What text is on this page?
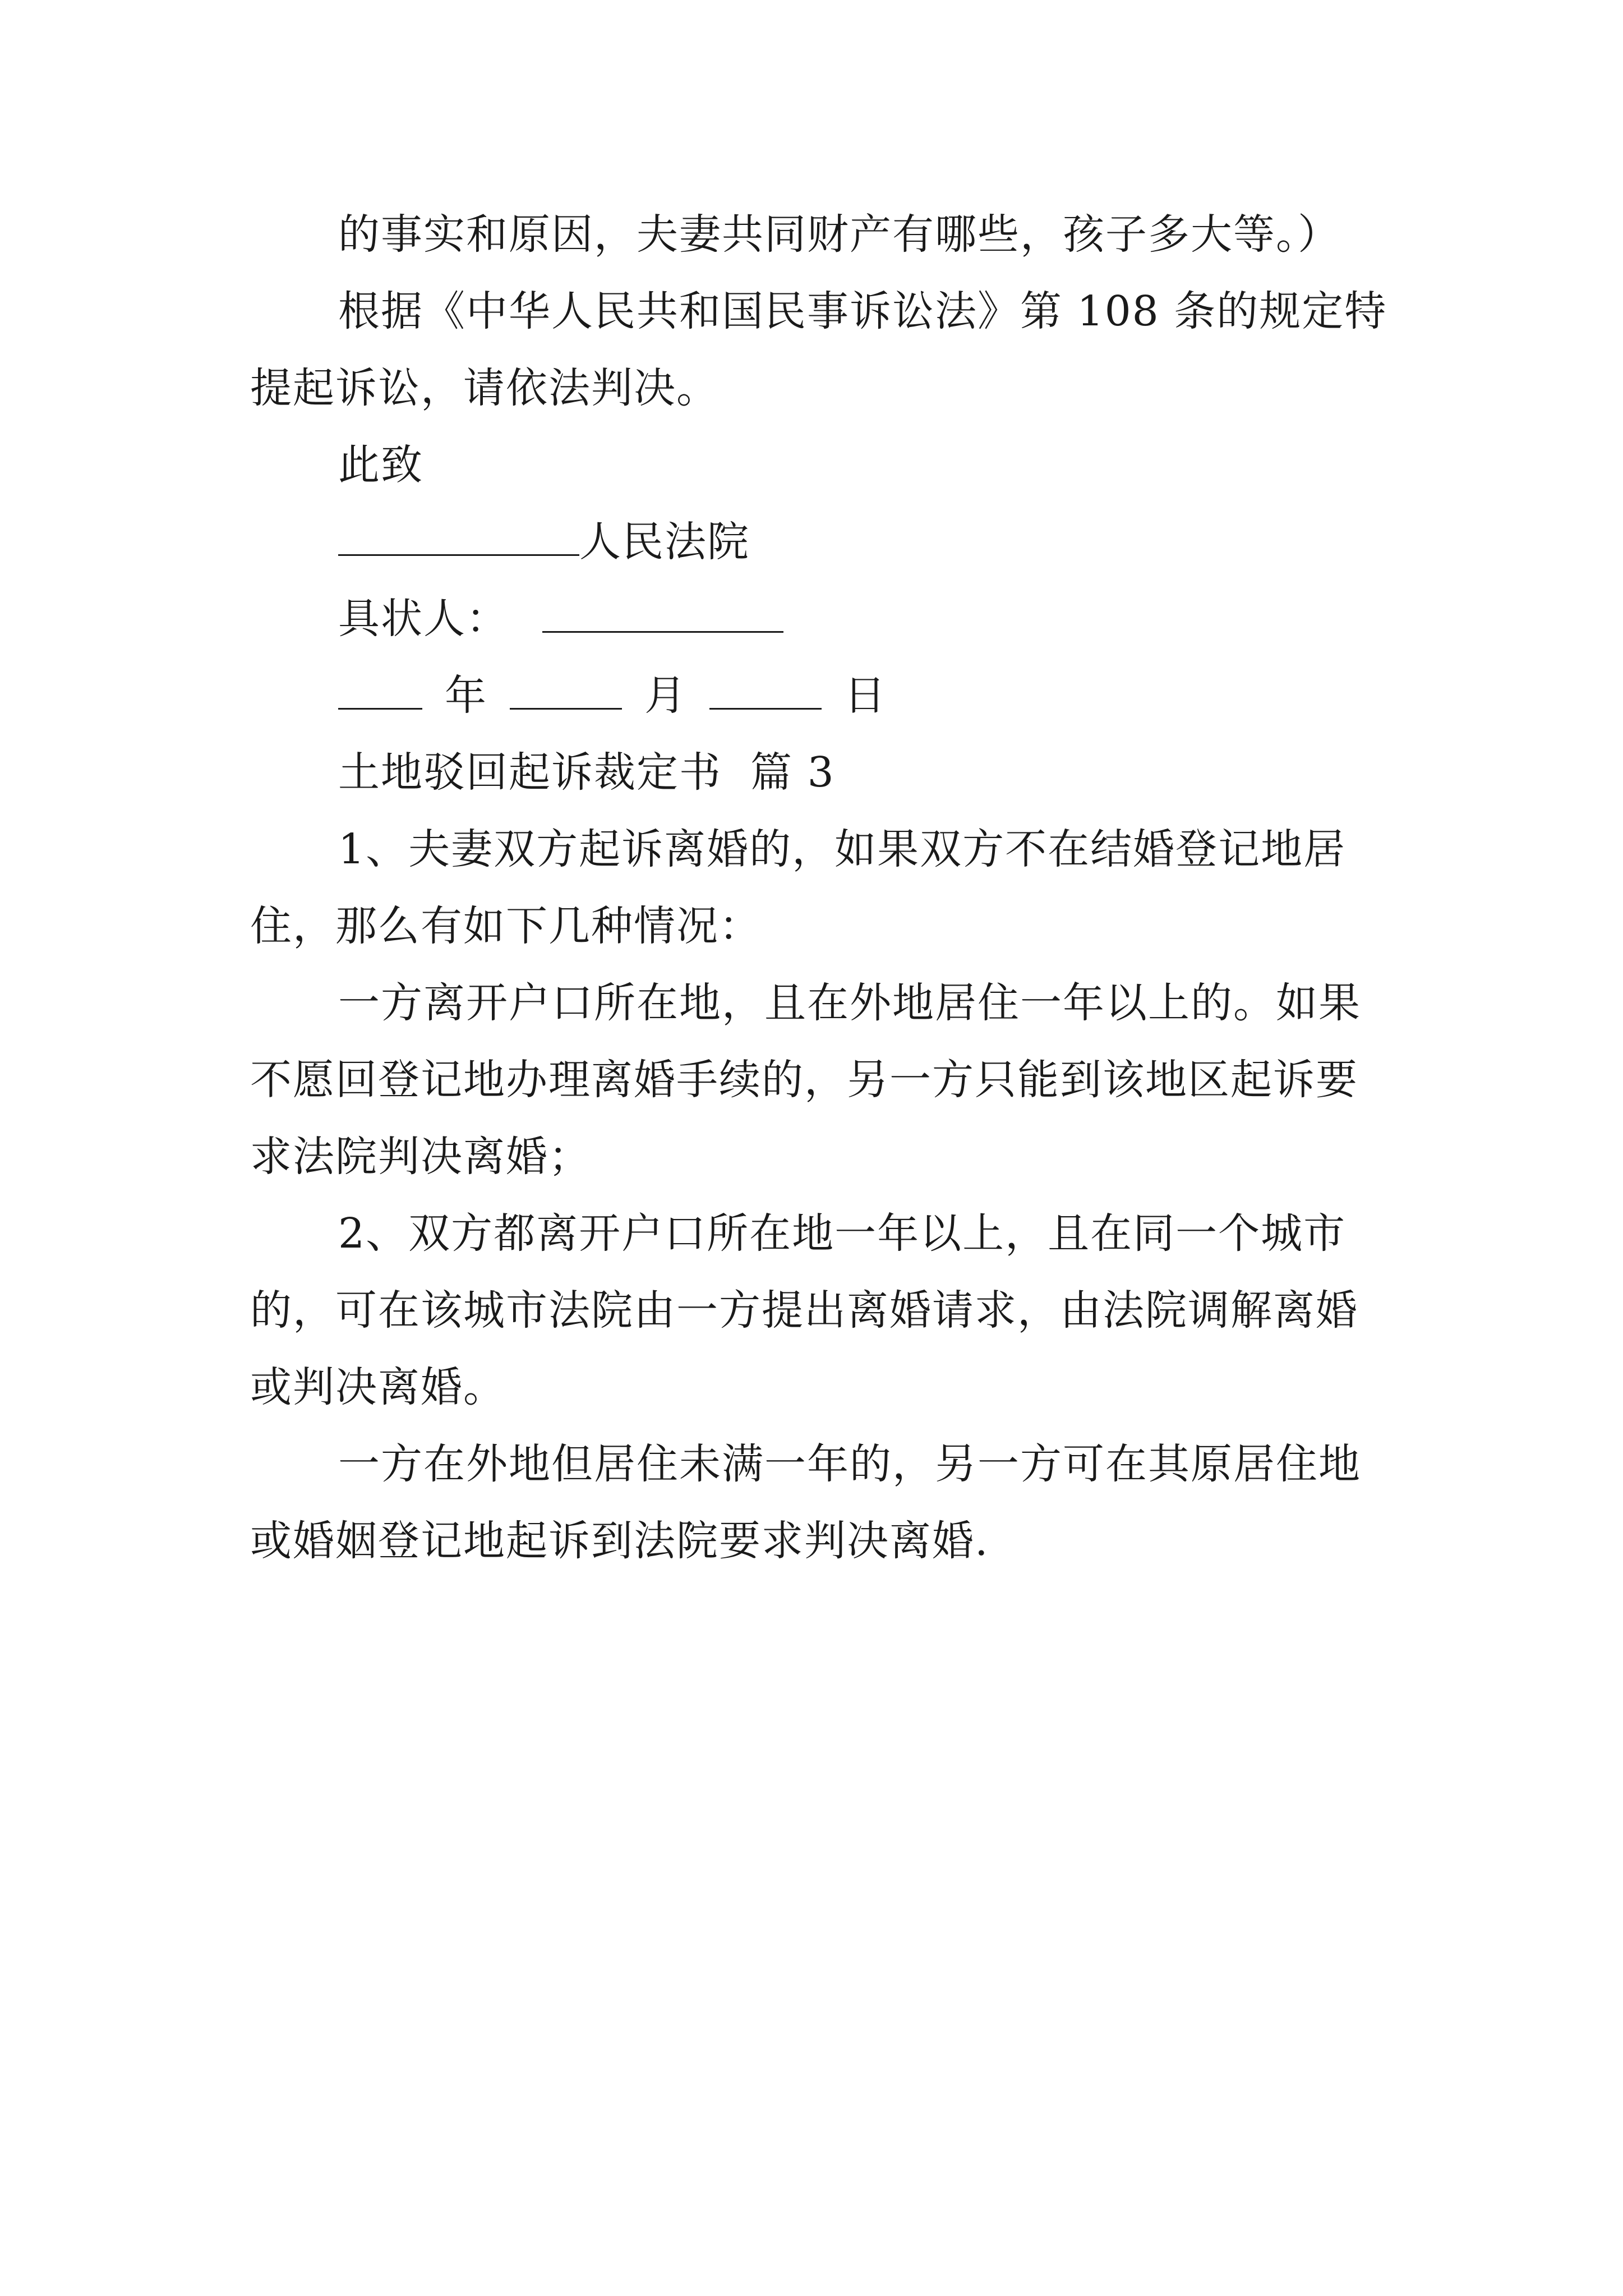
的事实和原因，夫妻共同财产有哪些，孩子多大等。）
根据《中华人民共和国民事诉讼法》第 108 条的规定特
提起诉讼，请依法判决。
此致
人民法院
具状人：
年	月	日
土地驳回起诉裁定书  篇 3
1、夫妻双方起诉离婚的，如果双方不在结婚登记地居
住，那么有如下几种情况：
一方离开户口所在地，且在外地居住一年以上的。如果
不愿回登记地办理离婚手续的，另一方只能到该地区起诉要
求法院判决离婚；
2、双方都离开户口所在地一年以上，且在同一个城市
的，可在该城市法院由一方提出离婚请求，由法院调解离婚
或判决离婚。
一方在外地但居住未满一年的，另一方可在其原居住地
或婚姻登记地起诉到法院要求判决离婚.
